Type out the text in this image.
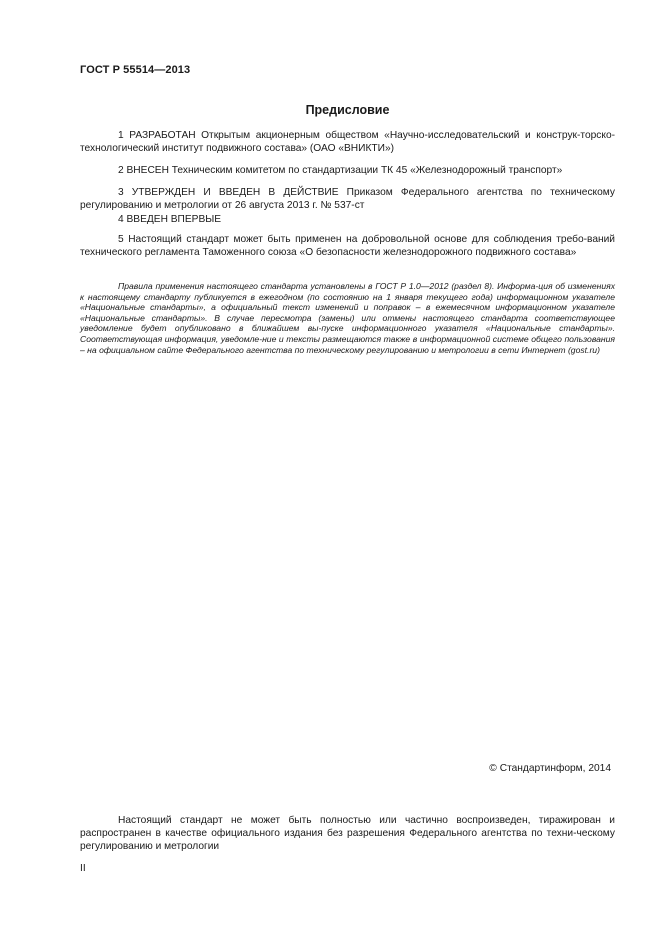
ГОСТ Р 55514—2013
Предисловие

1 РАЗРАБОТАН Открытым акционерным обществом «Научно-исследовательский и конструк-торско-технологический институт подвижного состава» (ОАО «ВНИКТИ»)

2 ВНЕСЕН Техническим комитетом по стандартизации ТК 45 «Железнодорожный транспорт»

3 УТВЕРЖДЕН И ВВЕДЕН В ДЕЙСТВИЕ Приказом Федерального агентства по техническому регулированию и метрологии от 26 августа 2013 г. № 537-ст

4 ВВЕДЕН ВПЕРВЫЕ

5 Настоящий стандарт может быть применен на добровольной основе для соблюдения требо-ваний технического регламента Таможенного союза «О безопасности железнодорожного подвижного состава»

Правила применения настоящего стандарта установлены в ГОСТ Р 1.0—2012 (раздел 8). Информа-ция об изменениях к настоящему стандарту публикуется в ежегодном (по состоянию на 1 января текущего года) информационном указателе «Национальные стандарты», а официальный текст изменений и поправок – в ежемесячном информационном указателе «Национальные стандарты». В случае пересмотра (замены) или отмены настоящего стандарта соответствующее уведомление будет опубликовано в ближайшем вы-пуске информационного указателя «Национальные стандарты». Соответствующая информация, уведомле-ние и тексты размещаются также в информационной системе общего пользования – на официальном сайте Федерального агентства по техническому регулированию и метрологии в сети Интернет (gost.ru)

© Стандартинформ, 2014

Настоящий стандарт не может быть полностью или частично воспроизведен, тиражирован и распространен в качестве официального издания без разрешения Федерального агентства по техни-ческому регулированию и метрологии

II
